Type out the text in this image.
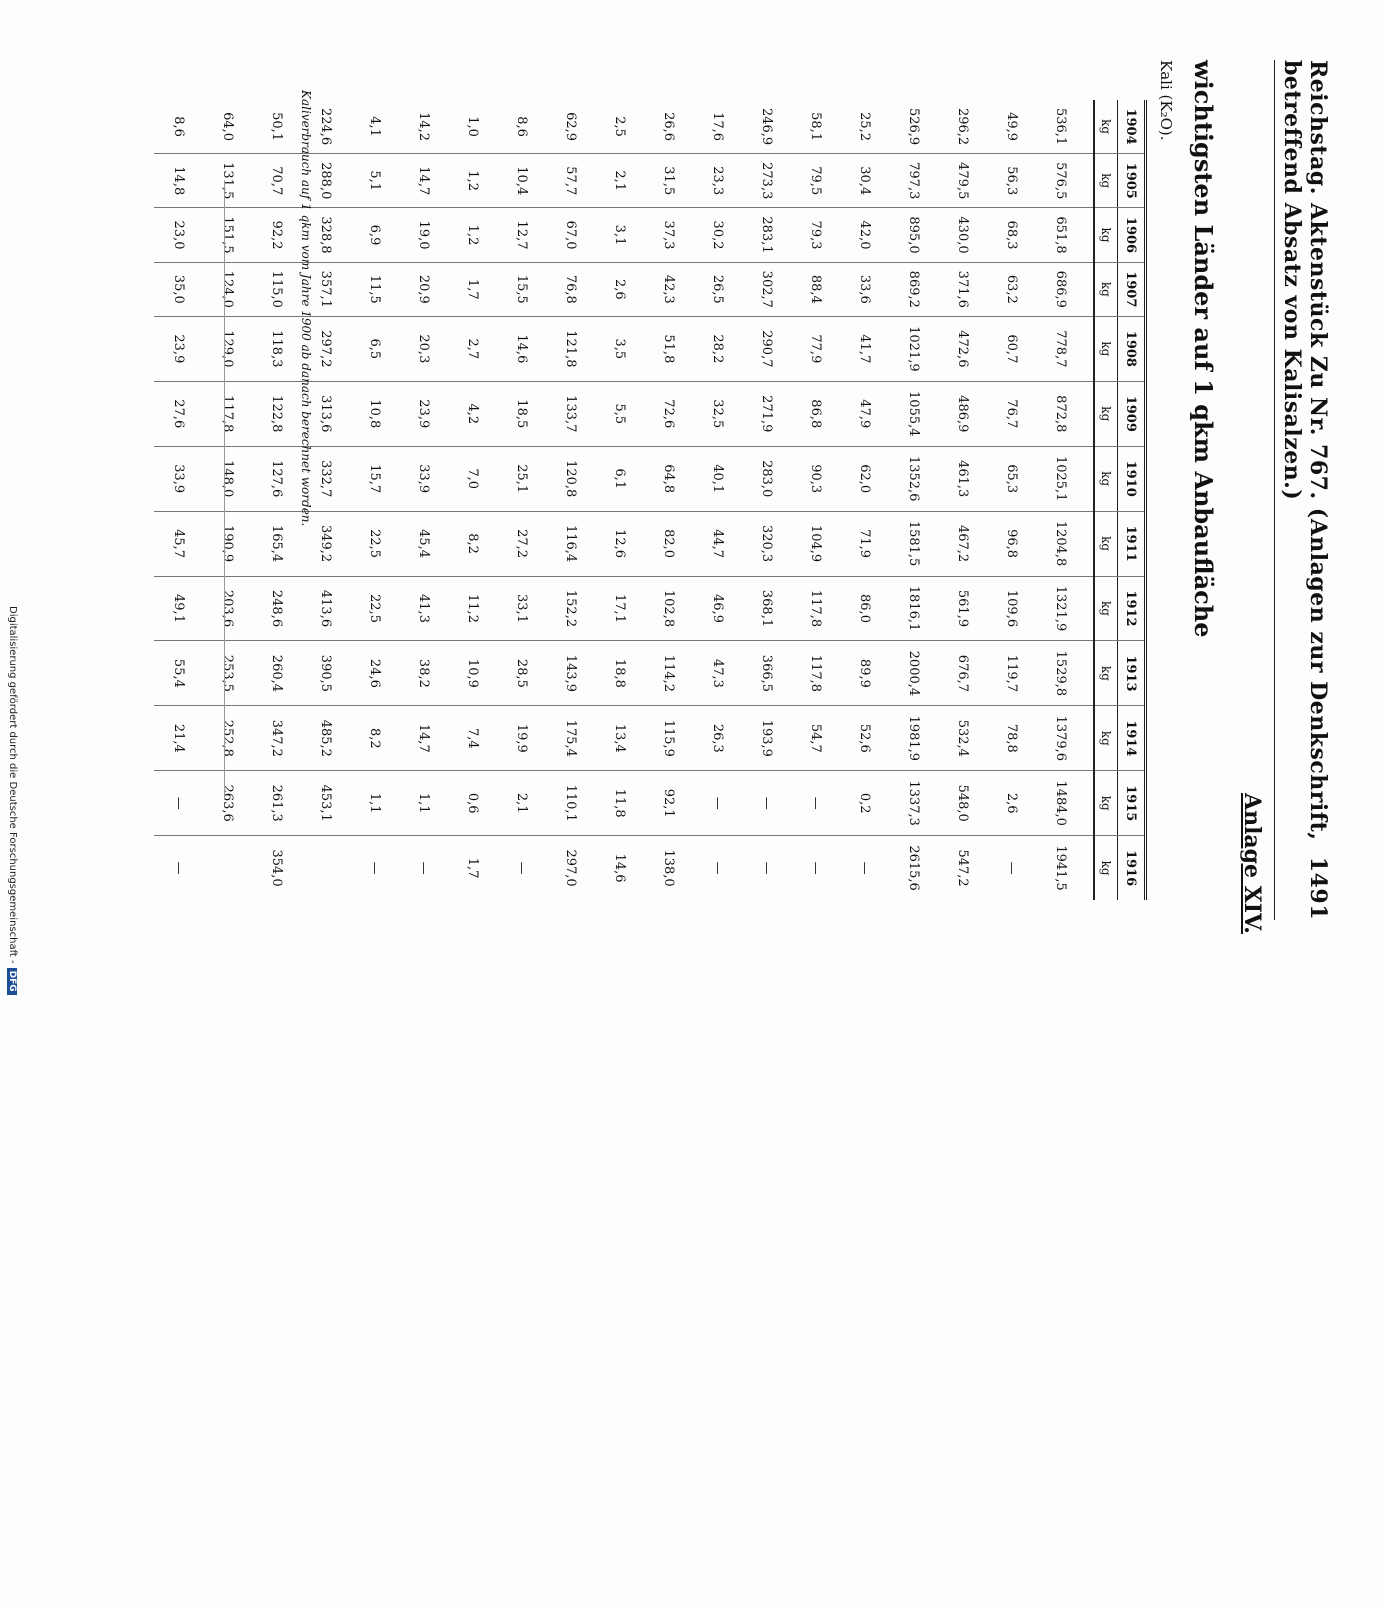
Reichstag. Aktenstück Zu Nr. 767. (Anlagen zur Denkschrift, betreffend Absatz von Kalisalzen.)
1491
Anlage XIV.
wichtigsten Länder auf 1 qkm Anbaufläche
Kali (K₂O).
1904	1905	1906	1907	1908	1909	1910	1911	1912	1913	1914	1915	1916
kg	kg	kg	kg	kg	kg	kg	kg	kg	kg	kg	kg	kg
536,1	576,5	651,8	686,9	778,7	872,8	1025,1	1204,8	1321,9	1529,8	1379,6	1484,0	1941,5
49,9	56,3	68,3	63,2	60,7	76,7	65,3	96,8	109,6	119,7	78,8	2,6	—
296,2	479,5	430,0	371,6	472,6	486,9	461,3	467,2	561,9	676,7	532,4	548,0	547,2
526,9	797,3	895,0	869,2	1021,9	1055,4	1352,6	1581,5	1816,1	2000,4	1981,9	1337,3	2615,6
25,2	30,4	42,0	33,6	41,7	47,9	62,0	71,9	86,0	89,9	52,6	0,2	—
58,1	79,5	79,3	88,4	77,9	86,8	90,3	104,9	117,8	117,8	54,7	—	—
246,9	273,3	283,1	302,7	290,7	271,9	283,0	320,3	368,1	366,5	193,9	—	—
17,6	23,3	30,2	26,5	28,2	32,5	40,1	44,7	46,9	47,3	26,3	—	—
26,6	31,5	37,3	42,3	51,8	72,6	64,8	82,0	102,8	114,2	115,9	92,1	138,0
2,5	2,1	3,1	2,6	3,5	5,5	6,1	12,6	17,1	18,8	13,4	11,8	14,6
62,9	57,7	67,0	76,8	121,8	133,7	120,8	116,4	152,2	143,9	175,4	110,1	297,0
8,6	10,4	12,7	15,5	14,6	18,5	25,1	27,2	33,1	28,5	19,9	2,1	—
1,0	1,2	1,2	1,7	2,7	4,2	7,0	8,2	11,2	10,9	7,4	0,6	1,7
14,2	14,7	19,0	20,9	20,3	23,9	33,9	45,4	41,3	38,2	14,7	1,1	—
4,1	5,1	6,9	11,5	6,5	10,8	15,7	22,5	22,5	24,6	8,2	1,1	—
224,6	288,0	328,8	357,1	297,2	313,6	332,7	349,2	413,6	390,5	485,2	453,1	
50,1	70,7	92,2	115,0	118,3	122,8	127,6	165,4	248,6	260,4	347,2	261,3	354,0
64,0	131,5	151,5	124,0	129,0	117,8	148,0	190,9	203,6	253,5	252,8	263,6	
8,6	14,8	23,0	35,0	23,9	27,6	33,9	45,7	49,1	55,4	21,4	—	—
Kaliverbrauch auf 1 qkm vom Jahre 1900 ab danach berechnet worden.
Digitalisierung gefördert durch die Deutsche Forschungsgemeinschaft -DFG
